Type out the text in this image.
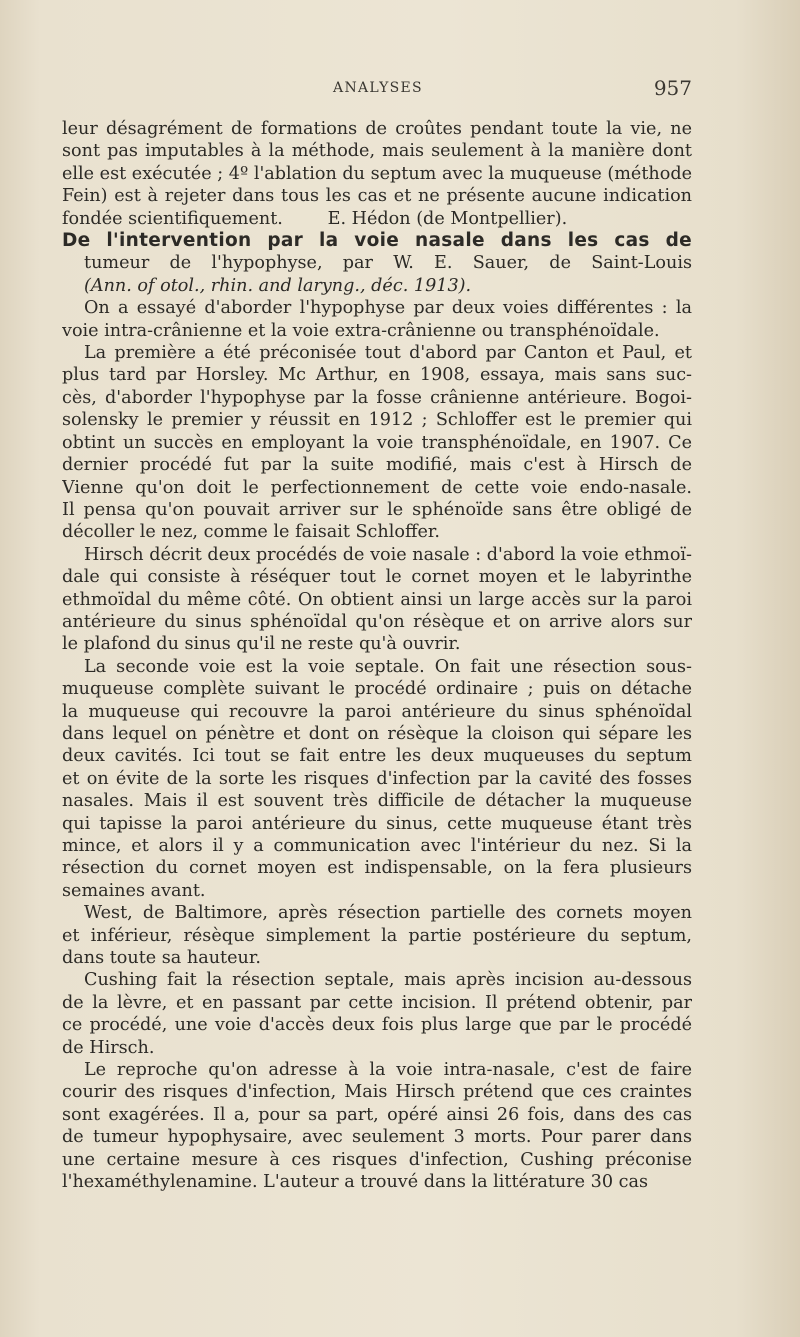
ANALYSES	957
leur désagrément de formations de croûtes pendant toute la vie, ne
sont pas imputables à la méthode, mais seulement à la manière dont
elle est exécutée ; 4º l'ablation du septum avec la muqueuse (méthode
Fein) est à rejeter dans tous les cas et ne présente aucune indication
fondée scientifiquement.        E. Hédon (de Montpellier).
De l'intervention par la voie nasale dans les cas de
tumeur de l'hypophyse, par W. E. Sauer, de Saint-Louis
(Ann. of otol., rhin. and laryng., déc. 1913).
On a essayé d'aborder l'hypophyse par deux voies différentes : la
voie intra-crânienne et la voie extra-crânienne ou transphénoïdale.
La première a été préconisée tout d'abord par Canton et Paul, et
plus tard par Horsley. Mc Arthur, en 1908, essaya, mais sans suc-
cès, d'aborder l'hypophyse par la fosse crânienne antérieure. Bogoi-
solensky le premier y réussit en 1912 ; Schloffer est le premier qui
obtint un succès en employant la voie transphénoïdale, en 1907. Ce
dernier procédé fut par la suite modifié, mais c'est à Hirsch de
Vienne qu'on doit le perfectionnement de cette voie endo-nasale.
Il pensa qu'on pouvait arriver sur le sphénoïde sans être obligé de
décoller le nez, comme le faisait Schloffer.
Hirsch décrit deux procédés de voie nasale : d'abord la voie ethmoï-
dale qui consiste à réséquer tout le cornet moyen et le labyrinthe
ethmoïdal du même côté. On obtient ainsi un large accès sur la paroi
antérieure du sinus sphénoïdal qu'on résèque et on arrive alors sur
le plafond du sinus qu'il ne reste qu'à ouvrir.
La seconde voie est la voie septale. On fait une résection sous-
muqueuse complète suivant le procédé ordinaire ; puis on détache
la muqueuse qui recouvre la paroi antérieure du sinus sphénoïdal
dans lequel on pénètre et dont on résèque la cloison qui sépare les
deux cavités. Ici tout se fait entre les deux muqueuses du septum
et on évite de la sorte les risques d'infection par la cavité des fosses
nasales. Mais il est souvent très difficile de détacher la muqueuse
qui tapisse la paroi antérieure du sinus, cette muqueuse étant très
mince, et alors il y a communication avec l'intérieur du nez. Si la
résection du cornet moyen est indispensable, on la fera plusieurs
semaines avant.
West, de Baltimore, après résection partielle des cornets moyen
et inférieur, résèque simplement la partie postérieure du septum,
dans toute sa hauteur.
Cushing fait la résection septale, mais après incision au-dessous
de la lèvre, et en passant par cette incision. Il prétend obtenir, par
ce procédé, une voie d'accès deux fois plus large que par le procédé
de Hirsch.
Le reproche qu'on adresse à la voie intra-nasale, c'est de faire
courir des risques d'infection, Mais Hirsch prétend que ces craintes
sont exagérées. Il a, pour sa part, opéré ainsi 26 fois, dans des cas
de tumeur hypophysaire, avec seulement 3 morts. Pour parer dans
une certaine mesure à ces risques d'infection, Cushing préconise
l'hexaméthylenamine. L'auteur a trouvé dans la littérature 30 cas
